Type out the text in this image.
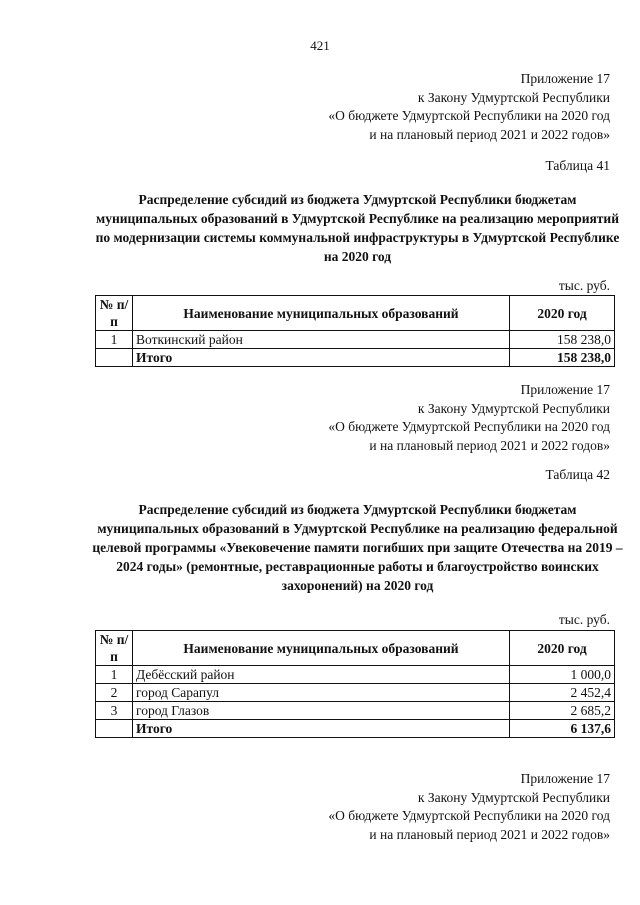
421
Приложение 17
к Закону Удмуртской Республики
«О бюджете Удмуртской Республики на 2020 год
и на плановый период 2021 и 2022 годов»
Таблица 41
Распределение субсидий из бюджета Удмуртской Республики бюджетам муниципальных образований в Удмуртской Республике на реализацию мероприятий по модернизации системы коммунальной инфраструктуры в Удмуртской Республике на 2020 год
тыс. руб.
№ п/п	Наименование муниципальных образований	2020 год
1	Воткинский район	158 238,0
	Итого	158 238,0
Приложение 17
к Закону Удмуртской Республики
«О бюджете Удмуртской Республики на 2020 год
и на плановый период 2021 и 2022 годов»
Таблица 42
Распределение субсидий из бюджета Удмуртской Республики бюджетам муниципальных образований в Удмуртской Республике на реализацию федеральной целевой программы «Увековечение памяти погибших при защите Отечества на 2019 – 2024 годы» (ремонтные, реставрационные работы и благоустройство воинских захоронений) на 2020 год
тыс. руб.
№ п/п	Наименование муниципальных образований	2020 год
1	Дебёсский район	1 000,0
2	город Сарапул	2 452,4
3	город Глазов	2 685,2
	Итого	6 137,6
Приложение 17
к Закону Удмуртской Республики
«О бюджете Удмуртской Республики на 2020 год
и на плановый период 2021 и 2022 годов»
